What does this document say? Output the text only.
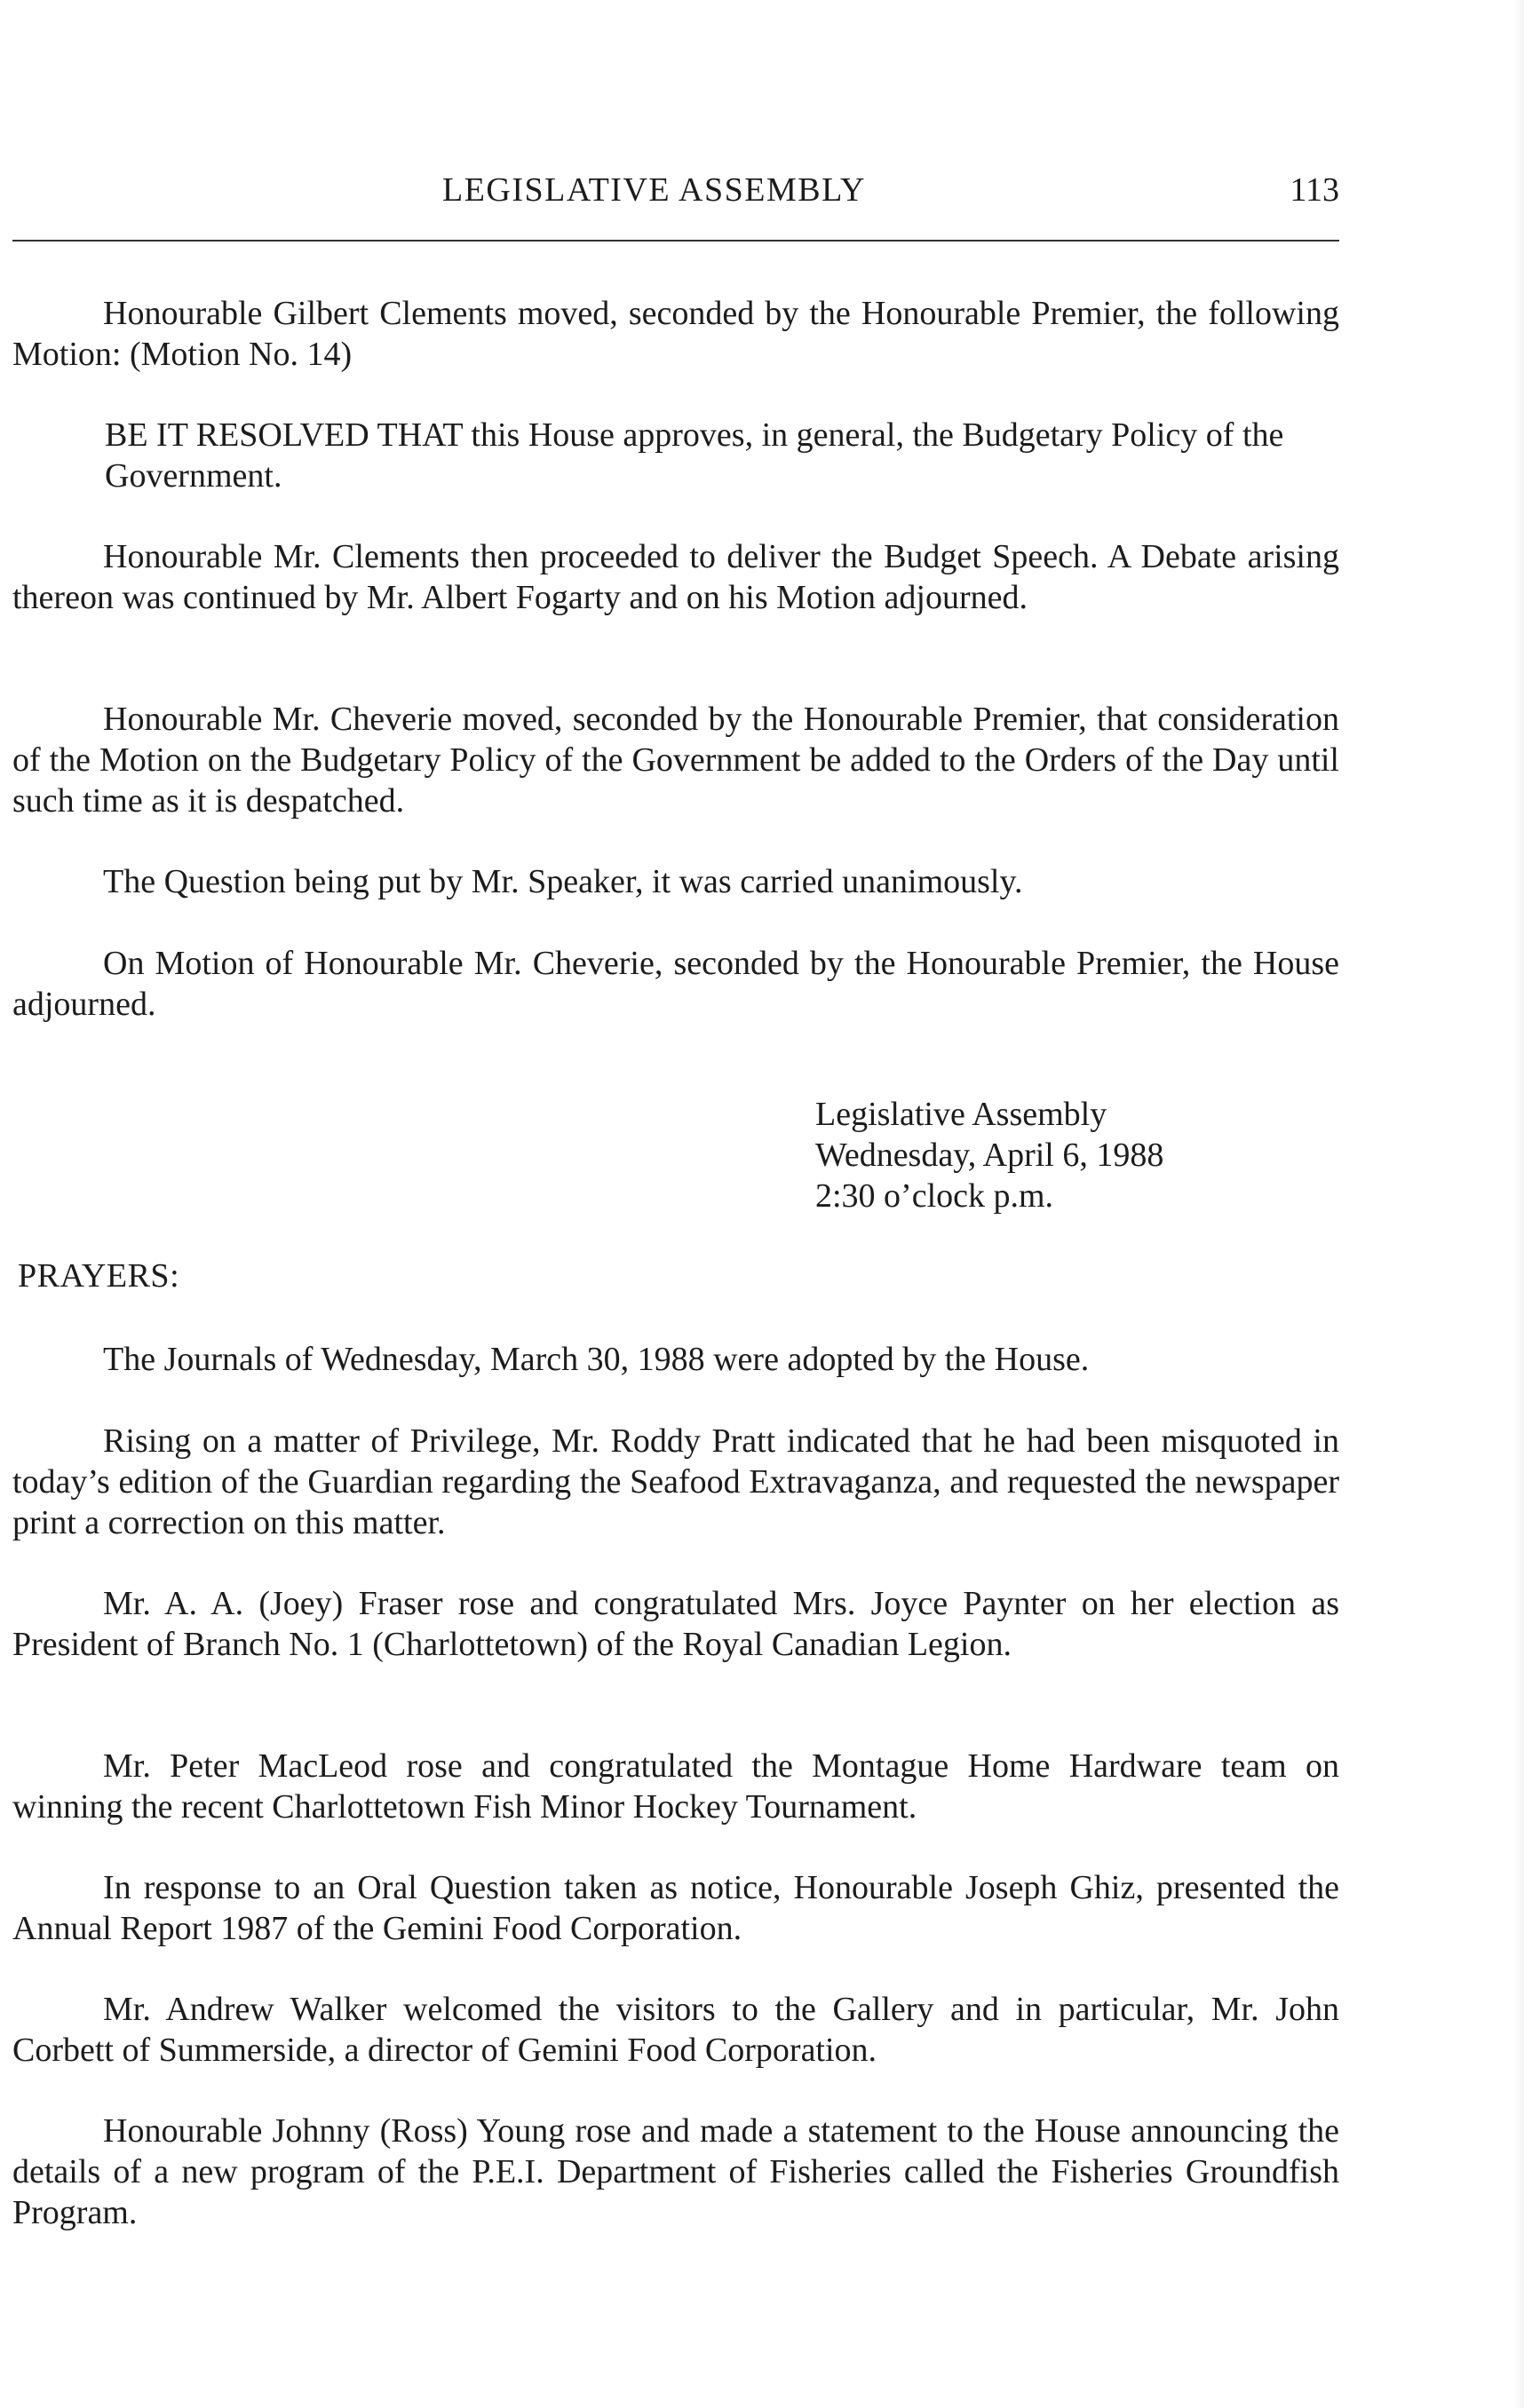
LEGISLATIVE ASSEMBLY	113

Honourable Gilbert Clements moved, seconded by the Honourable Premier, the following Motion: (Motion No. 14)

BE IT RESOLVED THAT this House approves, in general, the Budgetary Policy of the Government.

Honourable Mr. Clements then proceeded to deliver the Budget Speech. A Debate arising thereon was continued by Mr. Albert Fogarty and on his Motion adjourned.

Honourable Mr. Cheverie moved, seconded by the Honourable Premier, that consideration of the Motion on the Budgetary Policy of the Government be added to the Orders of the Day until such time as it is despatched.

The Question being put by Mr. Speaker, it was carried unanimously.

On Motion of Honourable Mr. Cheverie, seconded by the Honourable Premier, the House adjourned.

Legislative Assembly
Wednesday, April 6, 1988
2:30 o’clock p.m.
PRAYERS:

The Journals of Wednesday, March 30, 1988 were adopted by the House.

Rising on a matter of Privilege, Mr. Roddy Pratt indicated that he had been misquoted in today’s edition of the Guardian regarding the Seafood Extravaganza, and requested the newspaper print a correction on this matter.

Mr. A. A. (Joey) Fraser rose and congratulated Mrs. Joyce Paynter on her election as President of Branch No. 1 (Charlottetown) of the Royal Canadian Legion.

Mr. Peter MacLeod rose and congratulated the Montague Home Hardware team on winning the recent Charlottetown Fish Minor Hockey Tournament.

In response to an Oral Question taken as notice, Honourable Joseph Ghiz, presented the Annual Report 1987 of the Gemini Food Corporation.

Mr. Andrew Walker welcomed the visitors to the Gallery and in particular, Mr. John Corbett of Summerside, a director of Gemini Food Corporation.

Honourable Johnny (Ross) Young rose and made a statement to the House announcing the details of a new program of the P.E.I. Department of Fisheries called the Fisheries Groundfish Program.
